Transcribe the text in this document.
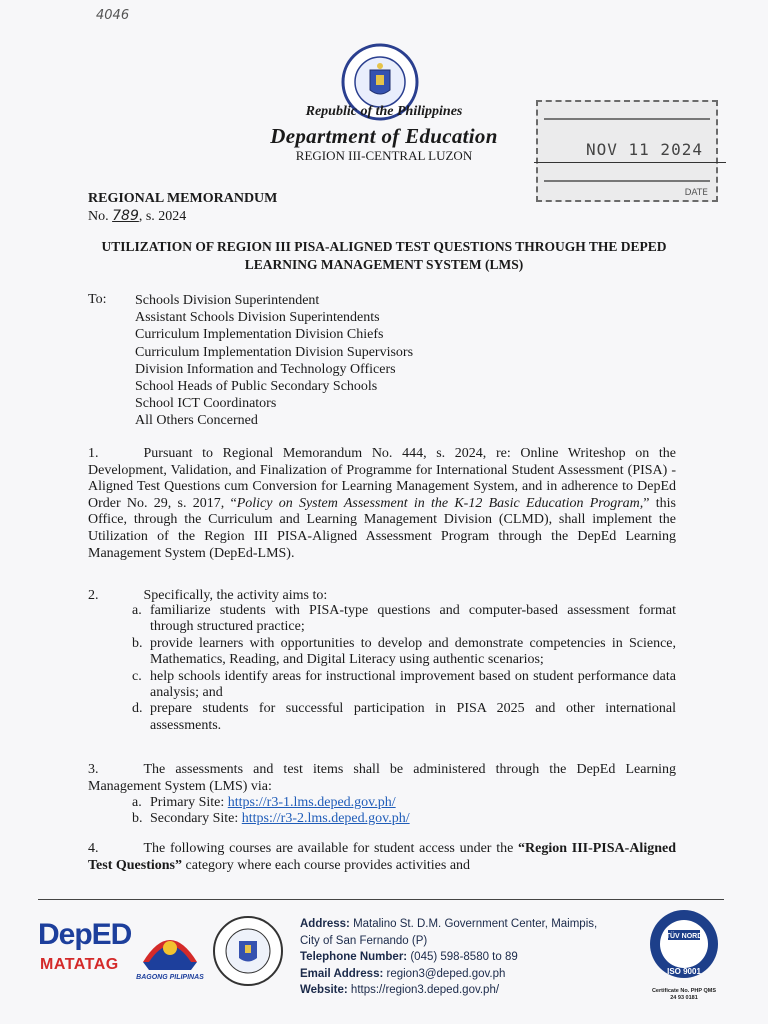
4046
Republic of the Philippines
Department of Education
REGION III-CENTRAL LUZON	NOV 11 2024
DATE
REGIONAL MEMORANDUM
No. 789, s. 2024
UTILIZATION OF REGION III PISA-ALIGNED TEST QUESTIONS THROUGH THE DEPED LEARNING MANAGEMENT SYSTEM (LMS)
To: Schools Division Superintendent
Assistant Schools Division Superintendents
Curriculum Implementation Division Chiefs
Curriculum Implementation Division Supervisors
Division Information and Technology Officers
School Heads of Public Secondary Schools
School ICT Coordinators
All Others Concerned
1.	Pursuant to Regional Memorandum No. 444, s. 2024, re: Online Writeshop on the Development, Validation, and Finalization of Programme for International Student Assessment (PISA) - Aligned Test Questions cum Conversion for Learning Management System, and in adherence to DepEd Order No. 29, s. 2017, “Policy on System Assessment in the K-12 Basic Education Program,” this Office, through the Curriculum and Learning Management Division (CLMD), shall implement the Utilization of the Region III PISA-Aligned Assessment Program through the DepEd Learning Management System (DepEd-LMS).
2.	Specifically, the activity aims to:
a. familiarize students with PISA-type questions and computer-based assessment format through structured practice;
b. provide learners with opportunities to develop and demonstrate competencies in Science, Mathematics, Reading, and Digital Literacy using authentic scenarios;
c. help schools identify areas for instructional improvement based on student performance data analysis; and
d. prepare students for successful participation in PISA 2025 and other international assessments.
3.	The assessments and test items shall be administered through the DepEd Learning Management System (LMS) via:
a. Primary Site: https://r3-1.lms.deped.gov.ph/
b. Secondary Site: https://r3-2.lms.deped.gov.ph/
4.	The following courses are available for student access under the “Region III-PISA-Aligned Test Questions” category where each course provides activities and
DepED
MATATAG
BAGONG PILIPINAS
Address: Matalino St. D.M. Government Center, Maimpis,
City of San Fernando (P)
Telephone Number: (045) 598-8580 to 89
Email Address: region3@deped.gov.ph
Website: https://region3.deped.gov.ph/
TÜV NORD
ISO 9001
Certificate No. PHP QMS
24 93 0181
